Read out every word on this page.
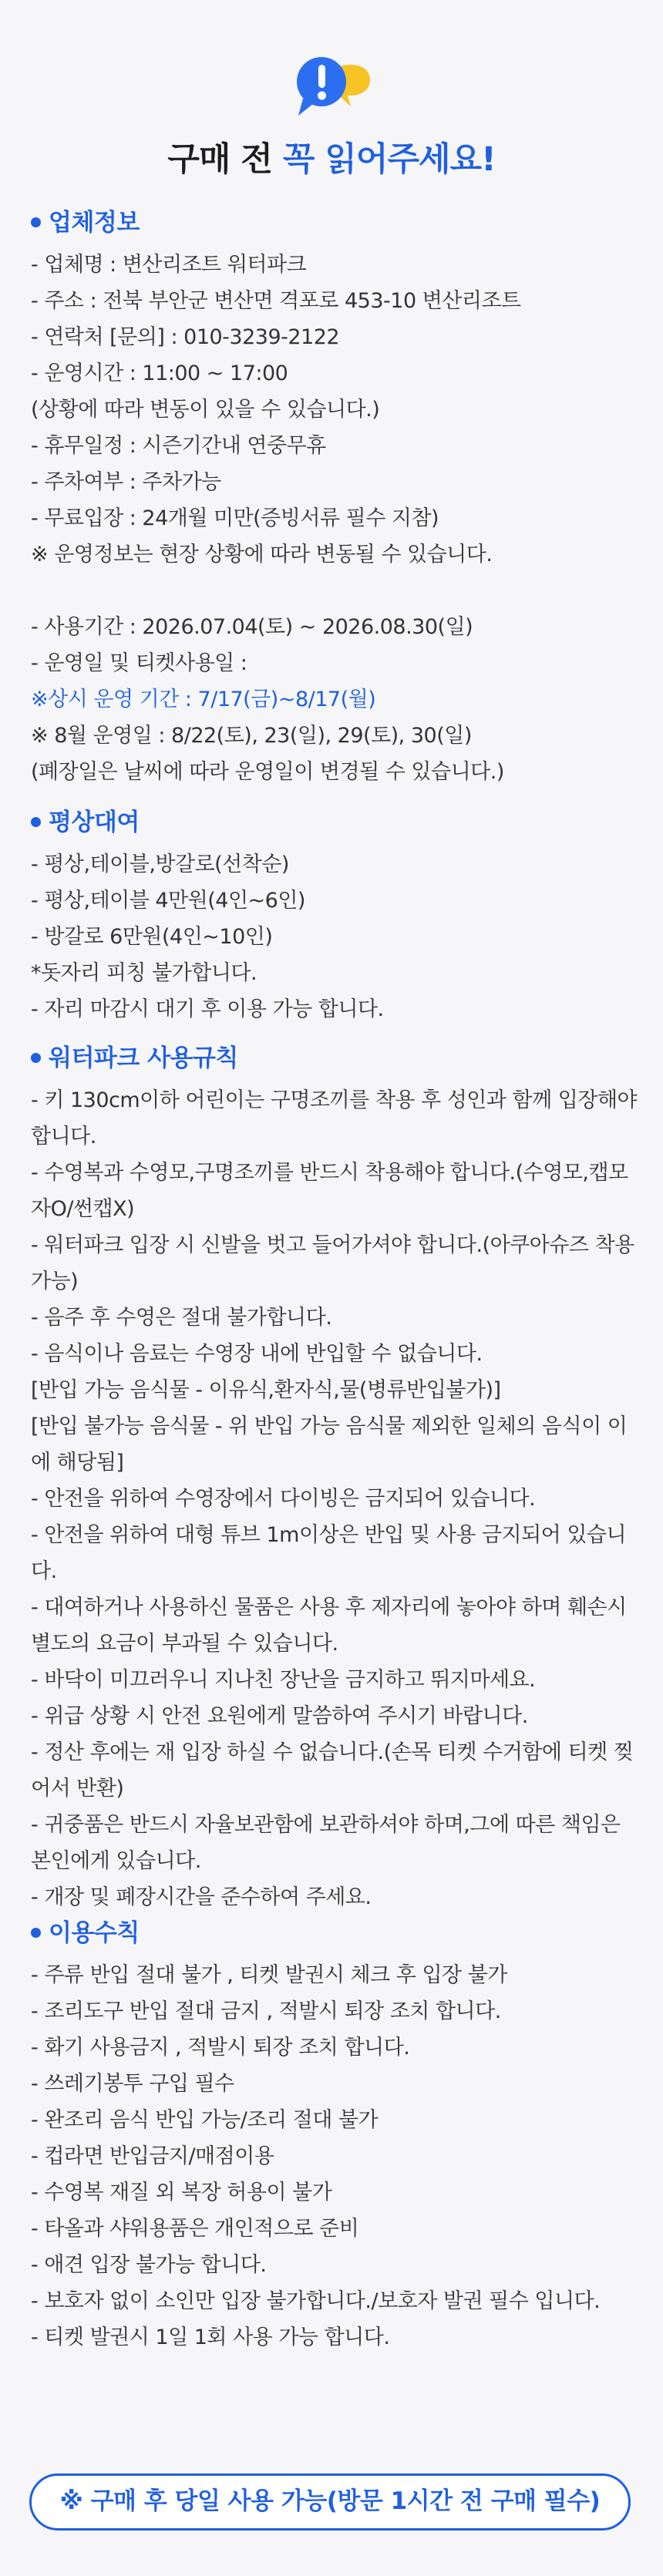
구매 전 꼭 읽어주세요!
업체정보
- 업체명 : 변산리조트 워터파크
- 주소 : 전북 부안군 변산면 격포로 453-10 변산리조트
- 연락처 [문의] : 010-3239-2122
- 운영시간 : 11:00 ~ 17:00
(상황에 따라 변동이 있을 수 있습니다.)
- 휴무일정 : 시즌기간내 연중무휴
- 주차여부 : 주차가능
- 무료입장 : 24개월 미만(증빙서류 필수 지참)
※ 운영정보는 현장 상황에 따라 변동될 수 있습니다.
- 사용기간 : 2026.07.04(토) ~ 2026.08.30(일)
- 운영일 및 티켓사용일 :
※상시 운영 기간 : 7/17(금)~8/17(월)
※ 8월 운영일 : 8/22(토), 23(일), 29(토), 30(일)
(폐장일은 날씨에 따라 운영일이 변경될 수 있습니다.)
평상대여
- 평상,테이블,방갈로(선착순)
- 평상,테이블 4만원(4인~6인)
- 방갈로 6만원(4인~10인)
*돗자리 피칭 불가합니다.
- 자리 마감시 대기 후 이용 가능 합니다.
워터파크 사용규칙
- 키 130cm이하 어린이는 구명조끼를 착용 후 성인과 함께 입장해야 합니다.
- 수영복과 수영모,구명조끼를 반드시 착용해야 합니다.(수영모,캡모자O/썬캡X)
- 워터파크 입장 시 신발을 벗고 들어가셔야 합니다.(아쿠아슈즈 착용가능)
- 음주 후 수영은 절대 불가합니다.
- 음식이나 음료는 수영장 내에 반입할 수 없습니다.
[반입 가능 음식물 - 이유식,환자식,물(병류반입불가)]
[반입 불가능 음식물 - 위 반입 가능 음식물 제외한 일체의 음식이 이에 해당됨]
- 안전을 위하여 수영장에서 다이빙은 금지되어 있습니다.
- 안전을 위하여 대형 튜브 1m이상은 반입 및 사용 금지되어 있습니다.
- 대여하거나 사용하신 물품은 사용 후 제자리에 놓아야 하며 훼손시 별도의 요금이 부과될 수 있습니다.
- 바닥이 미끄러우니 지나친 장난을 금지하고 뛰지마세요.
- 위급 상황 시 안전 요원에게 말씀하여 주시기 바랍니다.
- 정산 후에는 재 입장 하실 수 없습니다.(손목 티켓 수거함에 티켓 찢어서 반환)
- 귀중품은 반드시 자율보관함에 보관하셔야 하며,그에 따른 책임은 본인에게 있습니다.
- 개장 및 폐장시간을 준수하여 주세요.
이용수칙
- 주류 반입 절대 불가 , 티켓 발권시 체크 후 입장 불가
- 조리도구 반입 절대 금지 , 적발시 퇴장 조치 합니다.
- 화기 사용금지 , 적발시 퇴장 조치 합니다.
- 쓰레기봉투 구입 필수
- 완조리 음식 반입 가능/조리 절대 불가
- 컵라면 반입금지/매점이용
- 수영복 재질 외 복장 허용이 불가
- 타올과 샤워용품은 개인적으로 준비
- 애견 입장 불가능 합니다.
- 보호자 없이 소인만 입장 불가합니다./보호자 발권 필수 입니다.
- 티켓 발권시 1일 1회 사용 가능 합니다.
※ 구매 후 당일 사용 가능(방문 1시간 전 구매 필수)
